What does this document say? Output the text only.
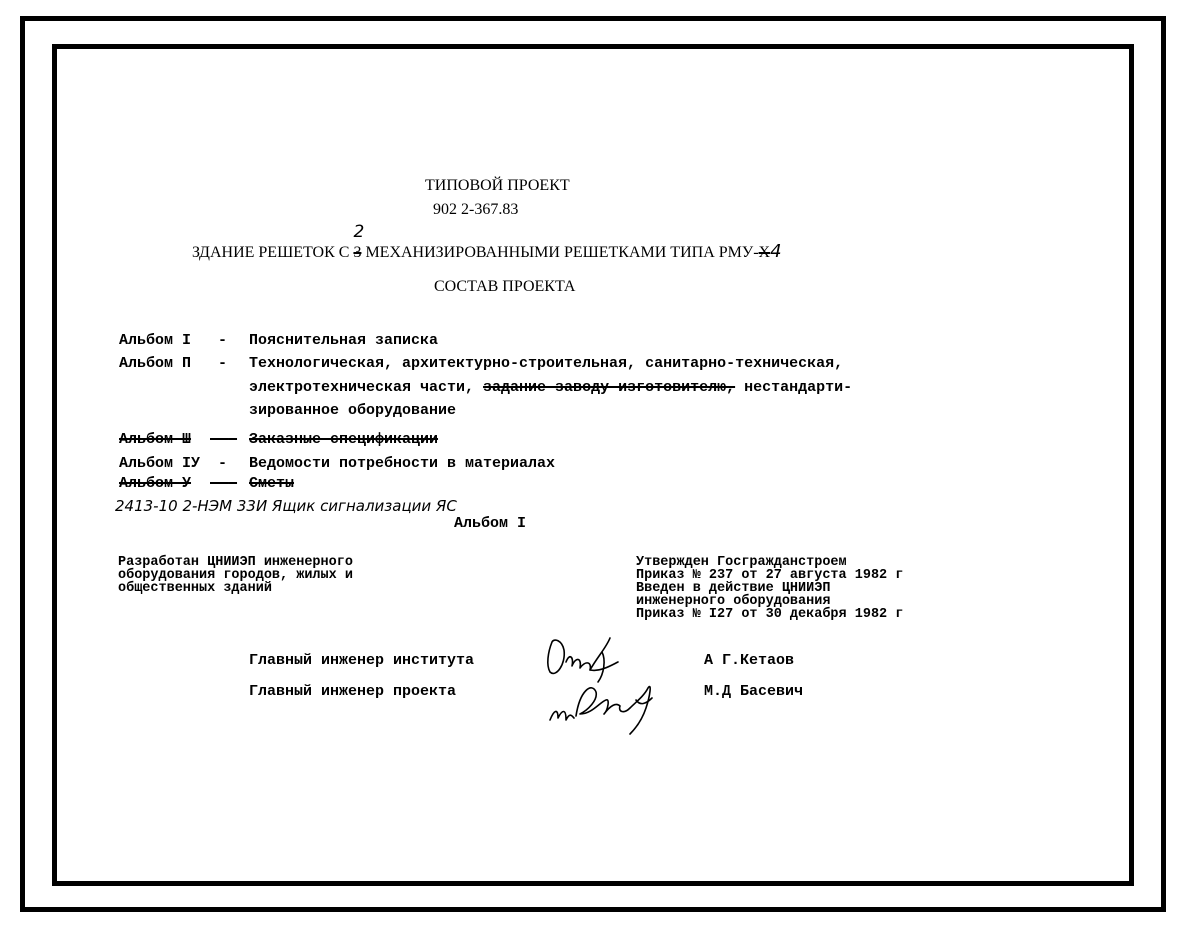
ТИПОВОЙ ПРОЕКТ
902 2-367.83
ЗДАНИЕ РЕШЕТОК С 3
2
МЕХАНИЗИРОВАННЫМИ РЕШЕТКАМИ ТИПА РМУ-X4
СОСТАВ ПРОЕКТА
Альбом I - Пояснительная записка
Альбом П - Технологическая, архитектурно-строительная, санитарно-техническая,
электротехническая части, задание заводу-изготовителю, нестандарти-
зированное оборудование
Альбом Ш	- Заказные спецификации
Альбом IУ - Ведомости потребности в материалах
Альбом У	- Сметы
2413-10 2-НЭМ 33И Ящик сигнализации ЯС
Альбом I
Разработан ЦНИИЭП инженерного
оборудования городов, жилых и
общественных зданий
Утвержден Госгражданстроем
Приказ № 237 от 27 августа 1982 г
Введен в действие ЦНИИЭП
инженерного оборудования
Приказ № I27 от 30 декабря 1982 г
Главный инженер института	А Г.Кетаов
Главный инженер проекта	М.Д Басевич
